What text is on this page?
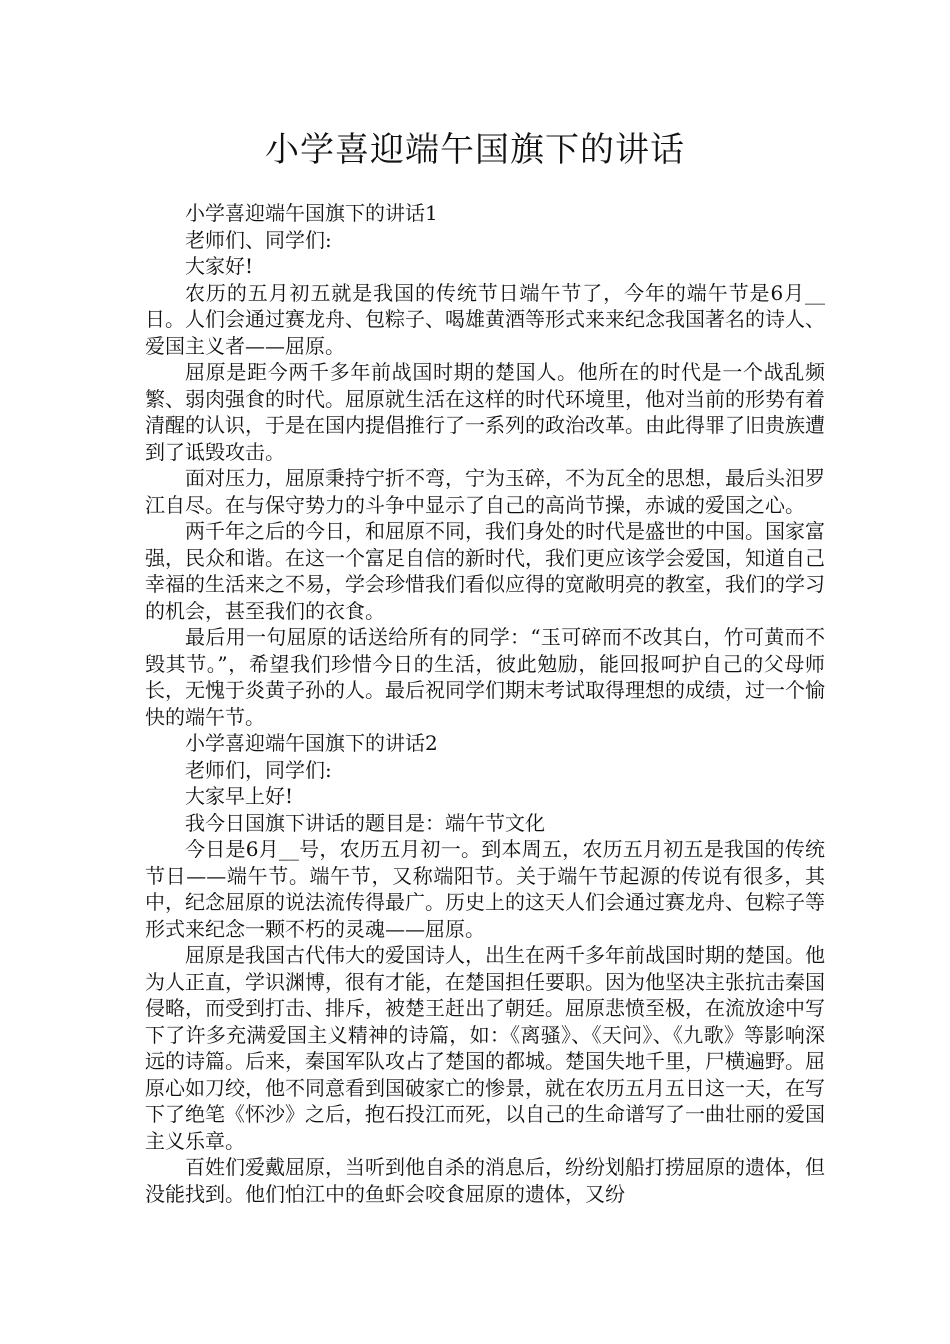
小学喜迎端午国旗下的讲话

小学喜迎端午国旗下的讲话1

老师们、同学们:

大家好!

农历的五月初五就是我国的传统节日端午节了，今年的端午节是6月__日。人们会通过赛龙舟、包粽子、喝雄黄酒等形式来来纪念我国著名的诗人、爱国主义者——屈原。

屈原是距今两千多年前战国时期的楚国人。他所在的时代是一个战乱频繁、弱肉强食的时代。屈原就生活在这样的时代环境里，他对当前的形势有着清醒的认识，于是在国内提倡推行了一系列的政治改革。由此得罪了旧贵族遭到了诋毁攻击。

面对压力，屈原秉持宁折不弯，宁为玉碎，不为瓦全的思想，最后头汨罗江自尽。在与保守势力的斗争中显示了自己的高尚节操，赤诚的爱国之心。

两千年之后的今日，和屈原不同，我们身处的时代是盛世的中国。国家富强，民众和谐。在这一个富足自信的新时代，我们更应该学会爱国，知道自己幸福的生活来之不易，学会珍惜我们看似应得的宽敞明亮的教室，我们的学习的机会，甚至我们的衣食。

最后用一句屈原的话送给所有的同学：“玉可碎而不改其白，竹可黄而不毁其节。”，希望我们珍惜今日的生活，彼此勉励，能回报呵护自己的父母师长，无愧于炎黄子孙的人。最后祝同学们期末考试取得理想的成绩，过一个愉快的端午节。

小学喜迎端午国旗下的讲话2

老师们，同学们:

大家早上好!

我今日国旗下讲话的题目是：端午节文化

今日是6月__号，农历五月初一。到本周五，农历五月初五是我国的传统节日——端午节。端午节，又称端阳节。关于端午节起源的传说有很多，其中，纪念屈原的说法流传得最广。历史上的这天人们会通过赛龙舟、包粽子等形式来纪念一颗不朽的灵魂——屈原。

屈原是我国古代伟大的爱国诗人，出生在两千多年前战国时期的楚国。他为人正直，学识渊博，很有才能，在楚国担任要职。因为他坚决主张抗击秦国侵略，而受到打击、排斥，被楚王赶出了朝廷。屈原悲愤至极，在流放途中写下了许多充满爱国主义精神的诗篇，如：《离骚》、《天问》、《九歌》等影响深远的诗篇。后来，秦国军队攻占了楚国的都城。楚国失地千里，尸横遍野。屈原心如刀绞，他不同意看到国破家亡的惨景，就在农历五月五日这一天，在写下了绝笔《怀沙》之后，抱石投江而死，以自己的生命谱写了一曲壮丽的爱国主义乐章。

百姓们爱戴屈原，当听到他自杀的消息后，纷纷划船打捞屈原的遗体，但没能找到。他们怕江中的鱼虾会咬食屈原的遗体，又纷
